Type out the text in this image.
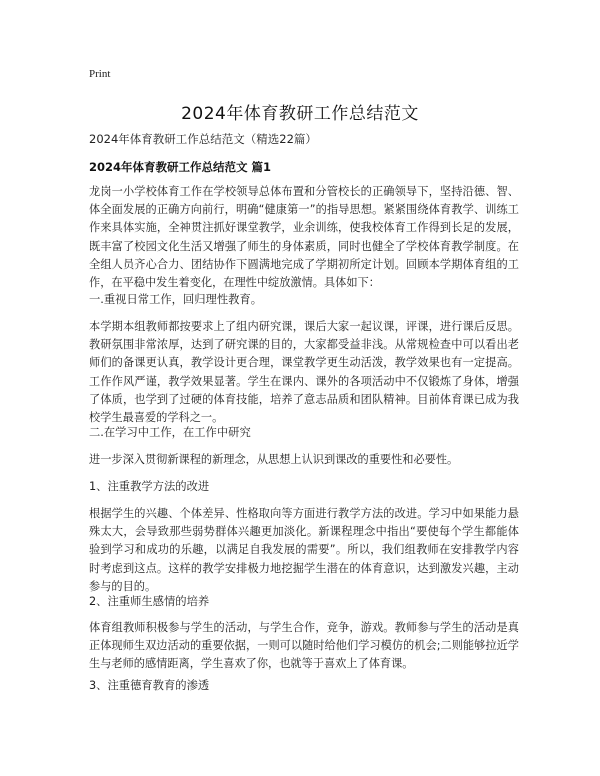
Print
2024年体育教研工作总结范文
2024年体育教研工作总结范文（精选22篇）
2024年体育教研工作总结范文 篇1

龙岗一小学校体育工作在学校领导总体布置和分管校长的正确领导下，坚持沿德、智、体全面发展的正确方向前行，明确“健康第一”的指导思想。紧紧围绕体育教学、训练工作来具体实施，全神贯注抓好课堂教学，业余训练，使我校体育工作得到长足的发展，既丰富了校园文化生活又增强了师生的身体素质，同时也健全了学校体育教学制度。在全组人员齐心合力、团结协作下圆满地完成了学期初所定计划。回顾本学期体育组的工作，在平稳中发生着变化，在理性中绽放激情。具体如下：

一.重视日常工作，回归理性教育。

本学期本组教师都按要求上了组内研究课，课后大家一起议课，评课，进行课后反思。教研氛围非常浓厚，达到了研究课的目的，大家都受益非浅。从常规检查中可以看出老师们的备课更认真，教学设计更合理，课堂教学更生动活泼，教学效果也有一定提高。工作作风严谨，教学效果显著。学生在课内、课外的各项活动中不仅锻炼了身体，增强了体质，也学到了过硬的体育技能，培养了意志品质和团队精神。目前体育课已成为我校学生最喜爱的学科之一。

二.在学习中工作，在工作中研究

进一步深入贯彻新课程的新理念，从思想上认识到课改的重要性和必要性。

1、注重教学方法的改进

根据学生的兴趣、个体差异、性格取向等方面进行教学方法的改进。学习中如果能力悬殊太大，会导致那些弱势群体兴趣更加淡化。新课程理念中指出“要使每个学生都能体验到学习和成功的乐趣，以满足自我发展的需要”。所以，我们组教师在安排教学内容时考虑到这点。这样的教学安排极力地挖掘学生潜在的体育意识，达到激发兴趣，主动参与的目的。

2、注重师生感情的培养

体育组教师积极参与学生的活动，与学生合作，竞争，游戏。教师参与学生的活动是真正体现师生双边活动的重要依据，一则可以随时给他们学习模仿的机会;二则能够拉近学生与老师的感情距离，学生喜欢了你，也就等于喜欢上了体育课。

3、注重德育教育的渗透
